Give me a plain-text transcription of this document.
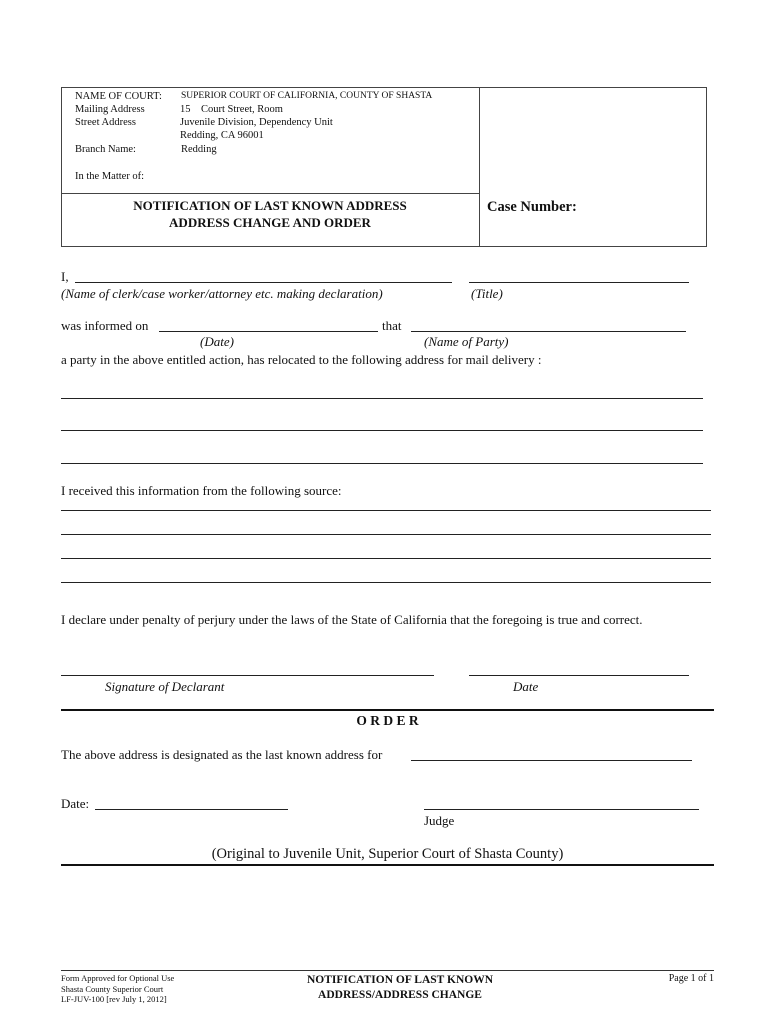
NAME OF COURT: SUPERIOR COURT OF CALIFORNIA, COUNTY OF SHASTA
Mailing Address	15    Court Street, Room
Street Address	Juvenile Division, Dependency Unit
Redding, CA 96001
Branch Name:	Redding
In the Matter of:
NOTIFICATION OF LAST KNOWN ADDRESS
ADDRESS CHANGE AND ORDER
Case Number:
I,
(Name of clerk/case worker/attorney etc. making declaration)	(Title)
was informed on	that
(Date)	(Name of Party)
a party in the above entitled action, has relocated to the following address for mail delivery :
I received this information from the following source:
I declare under penalty of perjury under the laws of the State of California that the foregoing is true and correct.
Signature of Declarant	Date
O R D E R
The above address is designated as the last known address for
Date:
Judge
(Original to Juvenile Unit, Superior Court of Shasta County)
Form Approved for Optional Use
Shasta County Superior Court
LF-JUV-100 [rev July 1, 2012]
NOTIFICATION OF LAST KNOWN
ADDRESS/ADDRESS CHANGE
Page 1 of 1
